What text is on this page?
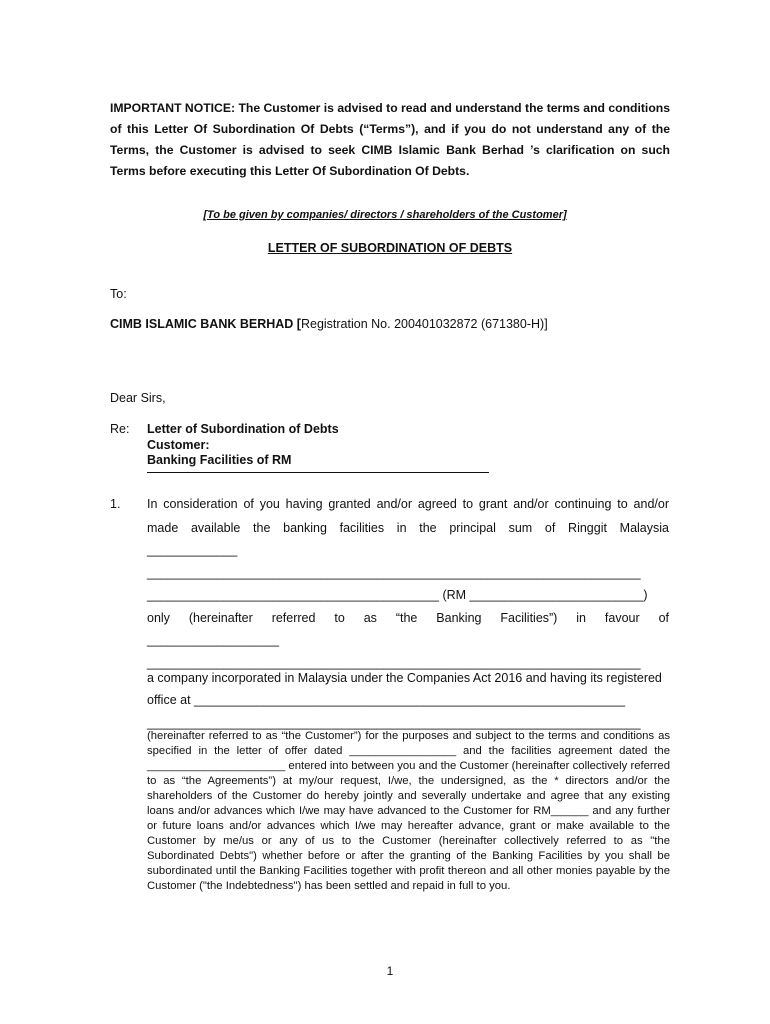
IMPORTANT NOTICE: The Customer is advised to read and understand the terms and conditions of this Letter Of Subordination Of Debts (“Terms”), and if you do not understand any of the Terms, the Customer is advised to seek CIMB Islamic Bank Berhad ’s clarification on such Terms before executing this Letter Of Subordination Of Debts.
[To be given by companies/ directors / shareholders of the Customer]
LETTER OF SUBORDINATION OF DEBTS
To:
CIMB ISLAMIC BANK BERHAD [Registration No. 200401032872 (671380-H)]
Dear Sirs,
Re: Letter of Subordination of Debts
Customer:
Banking Facilities of RM
1. In consideration of you having granted and/or agreed to grant and/or continuing to and/or
made available the banking facilities in the principal sum of Ringgit Malaysia
_____________
_______________________________________________________________________
__________________________________________ (RM _________________________)
only (hereinafter referred to as “the Banking Facilities”) in favour of
___________________
_______________________________________________________________________
a company incorporated in Malaysia under the Companies Act 2016 and having its registered
office at ______________________________________________________________
_______________________________________________________________________
(hereinafter referred to as “the Customer”) for the purposes and subject to the terms and conditions as specified in the letter of offer dated _________________ and the facilities agreement dated the ______________________ entered into between you and the Customer (hereinafter collectively referred to as “the Agreements”) at my/our request, I/we, the undersigned, as the * directors and/or the shareholders of the Customer do hereby jointly and severally undertake and agree that any existing loans and/or advances which I/we may have advanced to the Customer for RM______ and any further or future loans and/or advances which I/we may hereafter advance, grant or make available to the Customer by me/us or any of us to the Customer (hereinafter collectively referred to as "the Subordinated Debts") whether before or after the granting of the Banking Facilities by you shall be subordinated until the Banking Facilities together with profit thereon and all other monies payable by the Customer ("the Indebtedness") has been settled and repaid in full to you.
1
